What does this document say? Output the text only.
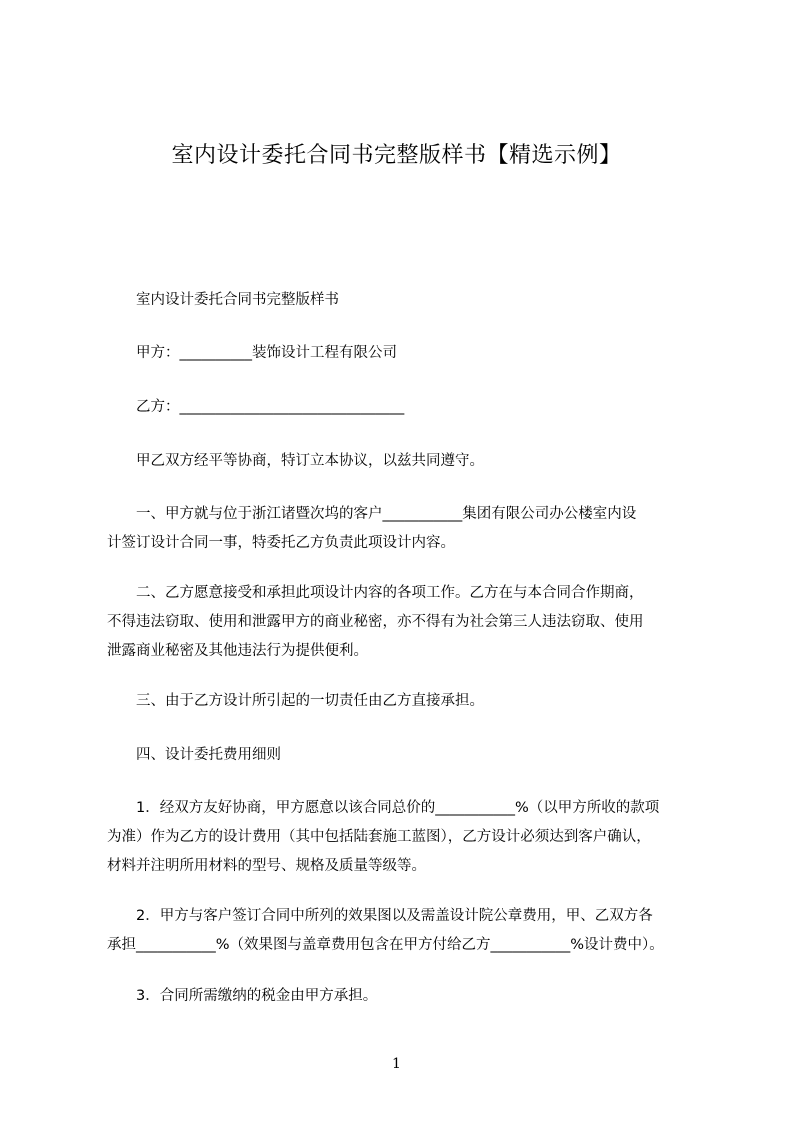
室内设计委托合同书完整版样书【精选示例】
室内设计委托合同书完整版样书
甲方：__________装饰设计工程有限公司
乙方：_______________________________
甲乙双方经平等协商，特订立本协议，以兹共同遵守。
一、甲方就与位于浙江诸暨次坞的客户___________集团有限公司办公楼室内设
计签订设计合同一事，特委托乙方负责此项设计内容。
二、乙方愿意接受和承担此项设计内容的各项工作。乙方在与本合同合作期商，
不得违法窃取、使用和泄露甲方的商业秘密，亦不得有为社会第三人违法窃取、使用
泄露商业秘密及其他违法行为提供便利。
三、由于乙方设计所引起的一切责任由乙方直接承担。
四、设计委托费用细则
1．经双方友好协商，甲方愿意以该合同总价的___________%（以甲方所收的款项
为准）作为乙方的设计费用（其中包括陆套施工蓝图），乙方设计必须达到客户确认，
材料并注明所用材料的型号、规格及质量等级等。
2．甲方与客户签订合同中所列的效果图以及需盖设计院公章费用，甲、乙双方各
承担___________%（效果图与盖章费用包含在甲方付给乙方___________%设计费中）。
3．合同所需缴纳的税金由甲方承担。
1
